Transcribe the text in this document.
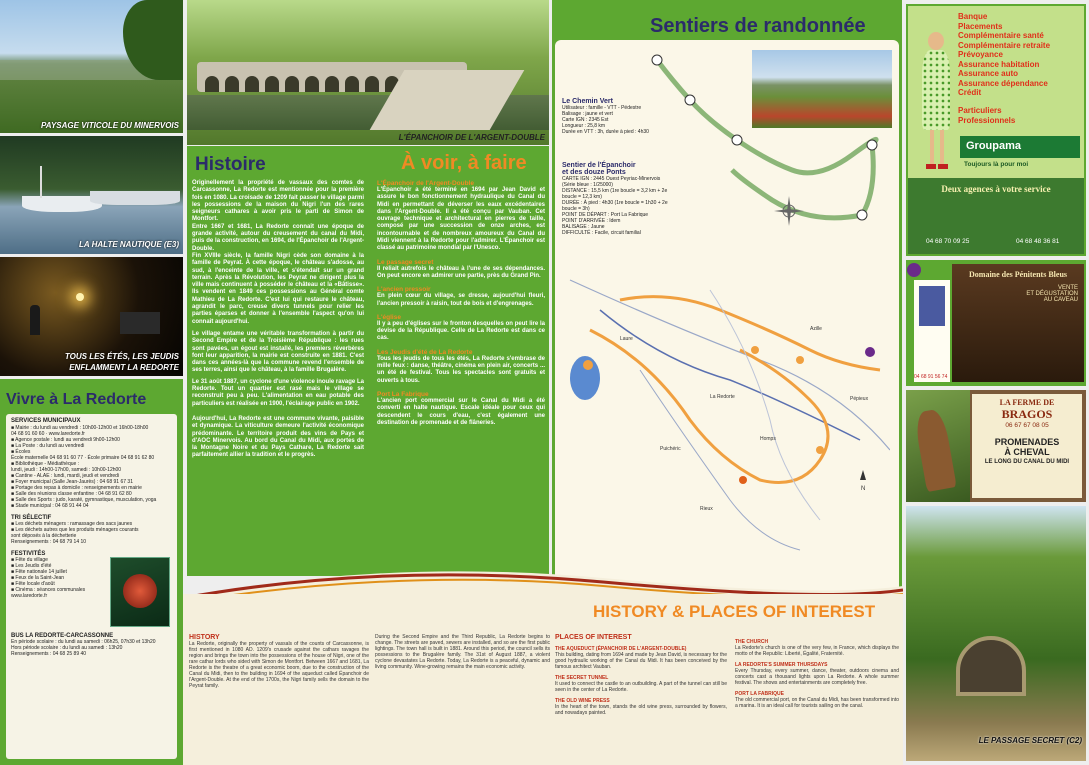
PAYSAGE VITICOLE DU MINERVOIS
LA HALTE NAUTIQUE (E3)
TOUS LES ÉTÉS, LES JEUDIS
ENFLAMMENT LA REDORTE
Vivre à La Redorte
SERVICES MUNICIPAUX
■ Mairie : du lundi au vendredi : 10h00-12h00 et 16h00-18h00
04 68 91 60 60 · www.laredorte.fr
■ Agence postale : lundi au vendredi 9h00-12h00
■ La Poste : du lundi au vendredi
■ Écoles
École maternelle 04 68 91 60 77 · École primaire 04 68 91 62 80
■ Bibliothèque - Médiathèque :
lundi, jeudi : 14h00-17h00, samedi : 10h00-12h00
■ Cantine - ALAE : lundi, mardi, jeudi et vendredi
■ Foyer municipal (Salle Jean-Jaurès) : 04 68 91 67 31
■ Portage des repas à domicile : renseignements en mairie
■ Salle des réunions classe enfantine : 04 68 91 62 80
■ Salle des Sports : judo, karaté, gymnastique, musculation, yoga
■ Stade municipal : 04 68 91 44 04
TRI SÉLECTIF
■ Les déchets ménagers : ramassage des sacs jaunes
■ Les déchets autres que les produits ménagers courants
sont déposés à la déchetterie
Renseignements : 04 68 79 14 10
FESTIVITÉS
■ Fête du village
■ Les Jeudis d'été
■ Fête nationale 14 juillet
■ Feux de la Saint-Jean
■ Fête locale d'août
■ Cinéma : séances communales
www.laredorte.fr
BUS LA REDORTE-CARCASSONNE
En période scolaire : du lundi au samedi : 06h25, 07h30 et 13h20
Hors période scolaire : du lundi au samedi : 13h20
Renseignements : 04 68 25 89 40
L'ÉPANCHOIR DE L'ARGENT-DOUBLE
Histoire

Originellement la propriété de vassaux des comtes de Carcassonne, La Redorte est mentionnée pour la première fois en 1080. La croisade de 1209 fait passer le village parmi les possessions de la maison du Nigri l'un des rares seigneurs cathares à avoir pris le parti de Simon de Montfort.

Entre 1667 et 1681, La Redorte connaît une époque de grande activité, autour du creusement du canal du Midi, puis de la construction, en 1694, de l'Épanchoir de l'Argent-Double.

Fin XVIIIe siècle, la famille Nigri cède son domaine à la famille de Peyrat. À cette époque, le château s'adosse, au sud, à l'enceinte de la ville, et s'étendait sur un grand terrain. Après la Révolution, les Peyrat ne dirigent plus la ville mais continuent à posséder le château et la «Bâtisse». Ils vendent en 1849 ces possessions au Général comte Mathieu de La Redorte. C'est lui qui restaure le château, agrandit le parc, creuse divers tunnels pour relier les parties éparses et donner à l'ensemble l'aspect qu'on lui connaît aujourd'hui.

Le village entame une véritable transformation à partir du Second Empire et de la Troisième République : les rues sont pavées, un égout est installé, les premiers réverbères font leur apparition, la mairie est construite en 1881. C'est dans ces années-là que la commune revend l'ensemble de ses terres, ainsi que le château, à la famille Brugalère.

Le 31 août 1887, un cyclone d'une violence inouïe ravage La Redorte. Tout un quartier est rasé mais le village se reconstruit peu à peu. L'alimentation en eau potable des particuliers est réalisée en 1900, l'éclairage public en 1902.

Aujourd'hui, La Redorte est une commune vivante, paisible et dynamique. La viticulture demeure l'activité économique prédominante. Le territoire produit des vins de Pays et d'AOC Minervois. Au bord du Canal du Midi, aux portes de la Montagne Noire et du Pays Cathare, La Redorte sait parfaitement allier la tradition et le progrès.

À voir, à faire
L'Épanchoir de l'Argent-Double

L'Épanchoir a été terminé en 1694 par Jean David et assure le bon fonctionnement hydraulique du Canal du Midi en permettant de déverser les eaux excédentaires dans l'Argent-Double. Il a été conçu par Vauban. Cet ouvrage technique et architectural en pierres de taille, composé par une succession de onze arches, est incontournable et de nombreux amoureux du Canal du Midi viennent à la Redorte pour l'admirer. L'Épanchoir est classé au patrimoine mondial par l'Unesco.

Le passage secret

Il reliait autrefois le château à l'une de ses dépendances. On peut encore en admirer une partie, près du Grand Pin.

L'ancien pressoir

En plein cœur du village, se dresse, aujourd'hui fleuri, l'ancien pressoir à raisin, tout de bois et d'engrenages.

L'église

Il y a peu d'églises sur le fronton desquelles on peut lire la devise de la République. Celle de La Redorte est dans ce cas.

Les Jeudis d'été de La Redorte

Tous les jeudis de tous les étés, La Redorte s'embrase de mille feux : danse, théâtre, cinéma en plein air, concerts ... un été de festival. Tous les spectacles sont gratuits et ouverts à tous.

Port La Fabrique

L'ancien port commercial sur le Canal du Midi a été converti en halte nautique. Escale idéale pour ceux qui descendent le cours d'eau, c'est également une destination de promenade et de flâneries.

Sentiers de randonnée
Le Chemin Vert
Utilisateur : famille - VTT - Pédestre
Balisage : jaune et vert
Carte IGN : 2345 Est
Longueur : 25,8 km
Durée en VTT : 3h, durée à pied : 4h30
Sentier de l'Épanchoir
et des douze Ponts
CARTE IGN : 2445 Ouest Peyriac-Minervois
(Série bleue : 1/25000)
DISTANCE : 15,5 km (1re boucle = 3,2 km + 2e
boucle = 12,3 km)
DURÉE : À pied : 4h30 (1re boucle = 1h30 + 2e
boucle = 3h)
POINT DE DÉPART : Port La Fabrique
POINT D'ARRIVÉE : Idem
BALISAGE : Jaune
DIFFICULTÉ : Facile, circuit familial
N
La Redorte
Azille
Pépieux
Homps
Puichéric
Rieux
Laure
Banque
Placements
Complémentaire santé
Complémentaire retraite
Prévoyance
Assurance habitation
Assurance auto
Assurance dépendance
Crédit
Particuliers
Professionnels
Groupama
Toujours là pour moi
Deux agences à votre service
04 68 70 09 25	04 68 48 36 81
Domaine des Pénitents Bleus
VENTE
ET DÉGUSTATION
AU CAVEAU
04 68 91 56 74
LA FERME DE
BRAGOS
06 67 67 08 05
PROMENADES
À CHEVAL
LE LONG DU CANAL DU MIDI
LE PASSAGE SECRET (C2)
HISTORY & PLACES OF INTEREST
HISTORY

La Redorte, originally the property of vassals of the counts of Carcassonne, is first mentioned in 1080 AD. 1209's crusade against the cathars ravages the region and brings the town into the possessions of the house of Nigri, one of the rare cathar lords who sided with Simon de Montfort. Between 1667 and 1681, La Redorte is the theatre of a great economic boom, due to the construction of the Canal du Midi, then to the building in 1694 of the aqueduct called Épanchoir de l'Argent-Double. At the end of the 1700s, the Nigri family sells the domain to the Peyrat family.

During the Second Empire and the Third Republic, La Redorte begins to change. The streets are paved, sewers are installed, and so are the first public lightings. The town hall is built in 1881. Around this period, the council sells its possessions to the Brugalère family. The 31st of August 1887, a violent cyclone devastates La Redorte. Today, La Redorte is a peaceful, dynamic and living community. Wine-growing remains the main economic activity.

PLACES OF INTEREST
THE AQUEDUCT (ÉPANCHOIR DE L'ARGENT-DOUBLE)

This building, dating from 1694 and made by Jean David, is necessary for the good hydraulic working of the Canal du Midi. It has been conceived by the famous architect Vauban.

THE SECRET TUNNEL

It used to connect the castle to an outbuilding. A part of the tunnel can still be seen in the center of La Redorte.

THE OLD WINE PRESS

In the heart of the town, stands the old wine press, surrounded by flowers, and nowadays painted.

THE CHURCH

La Redorte's church is one of the very few, in France, which displays the motto of the Republic: Liberté, Égalité, Fraternité.

LA REDORTE'S SUMMER THURSDAYS

Every Thursday, every summer, dance, theater, outdoors cinema and concerts cast a thousand lights upon La Redorte. A whole summer festival. The shows and entertainments are completely free.

PORT LA FABRIQUE

The old commercial port, on the Canal du Midi, has been transformed into a marina. It is an ideal call for tourists sailing on the canal.
